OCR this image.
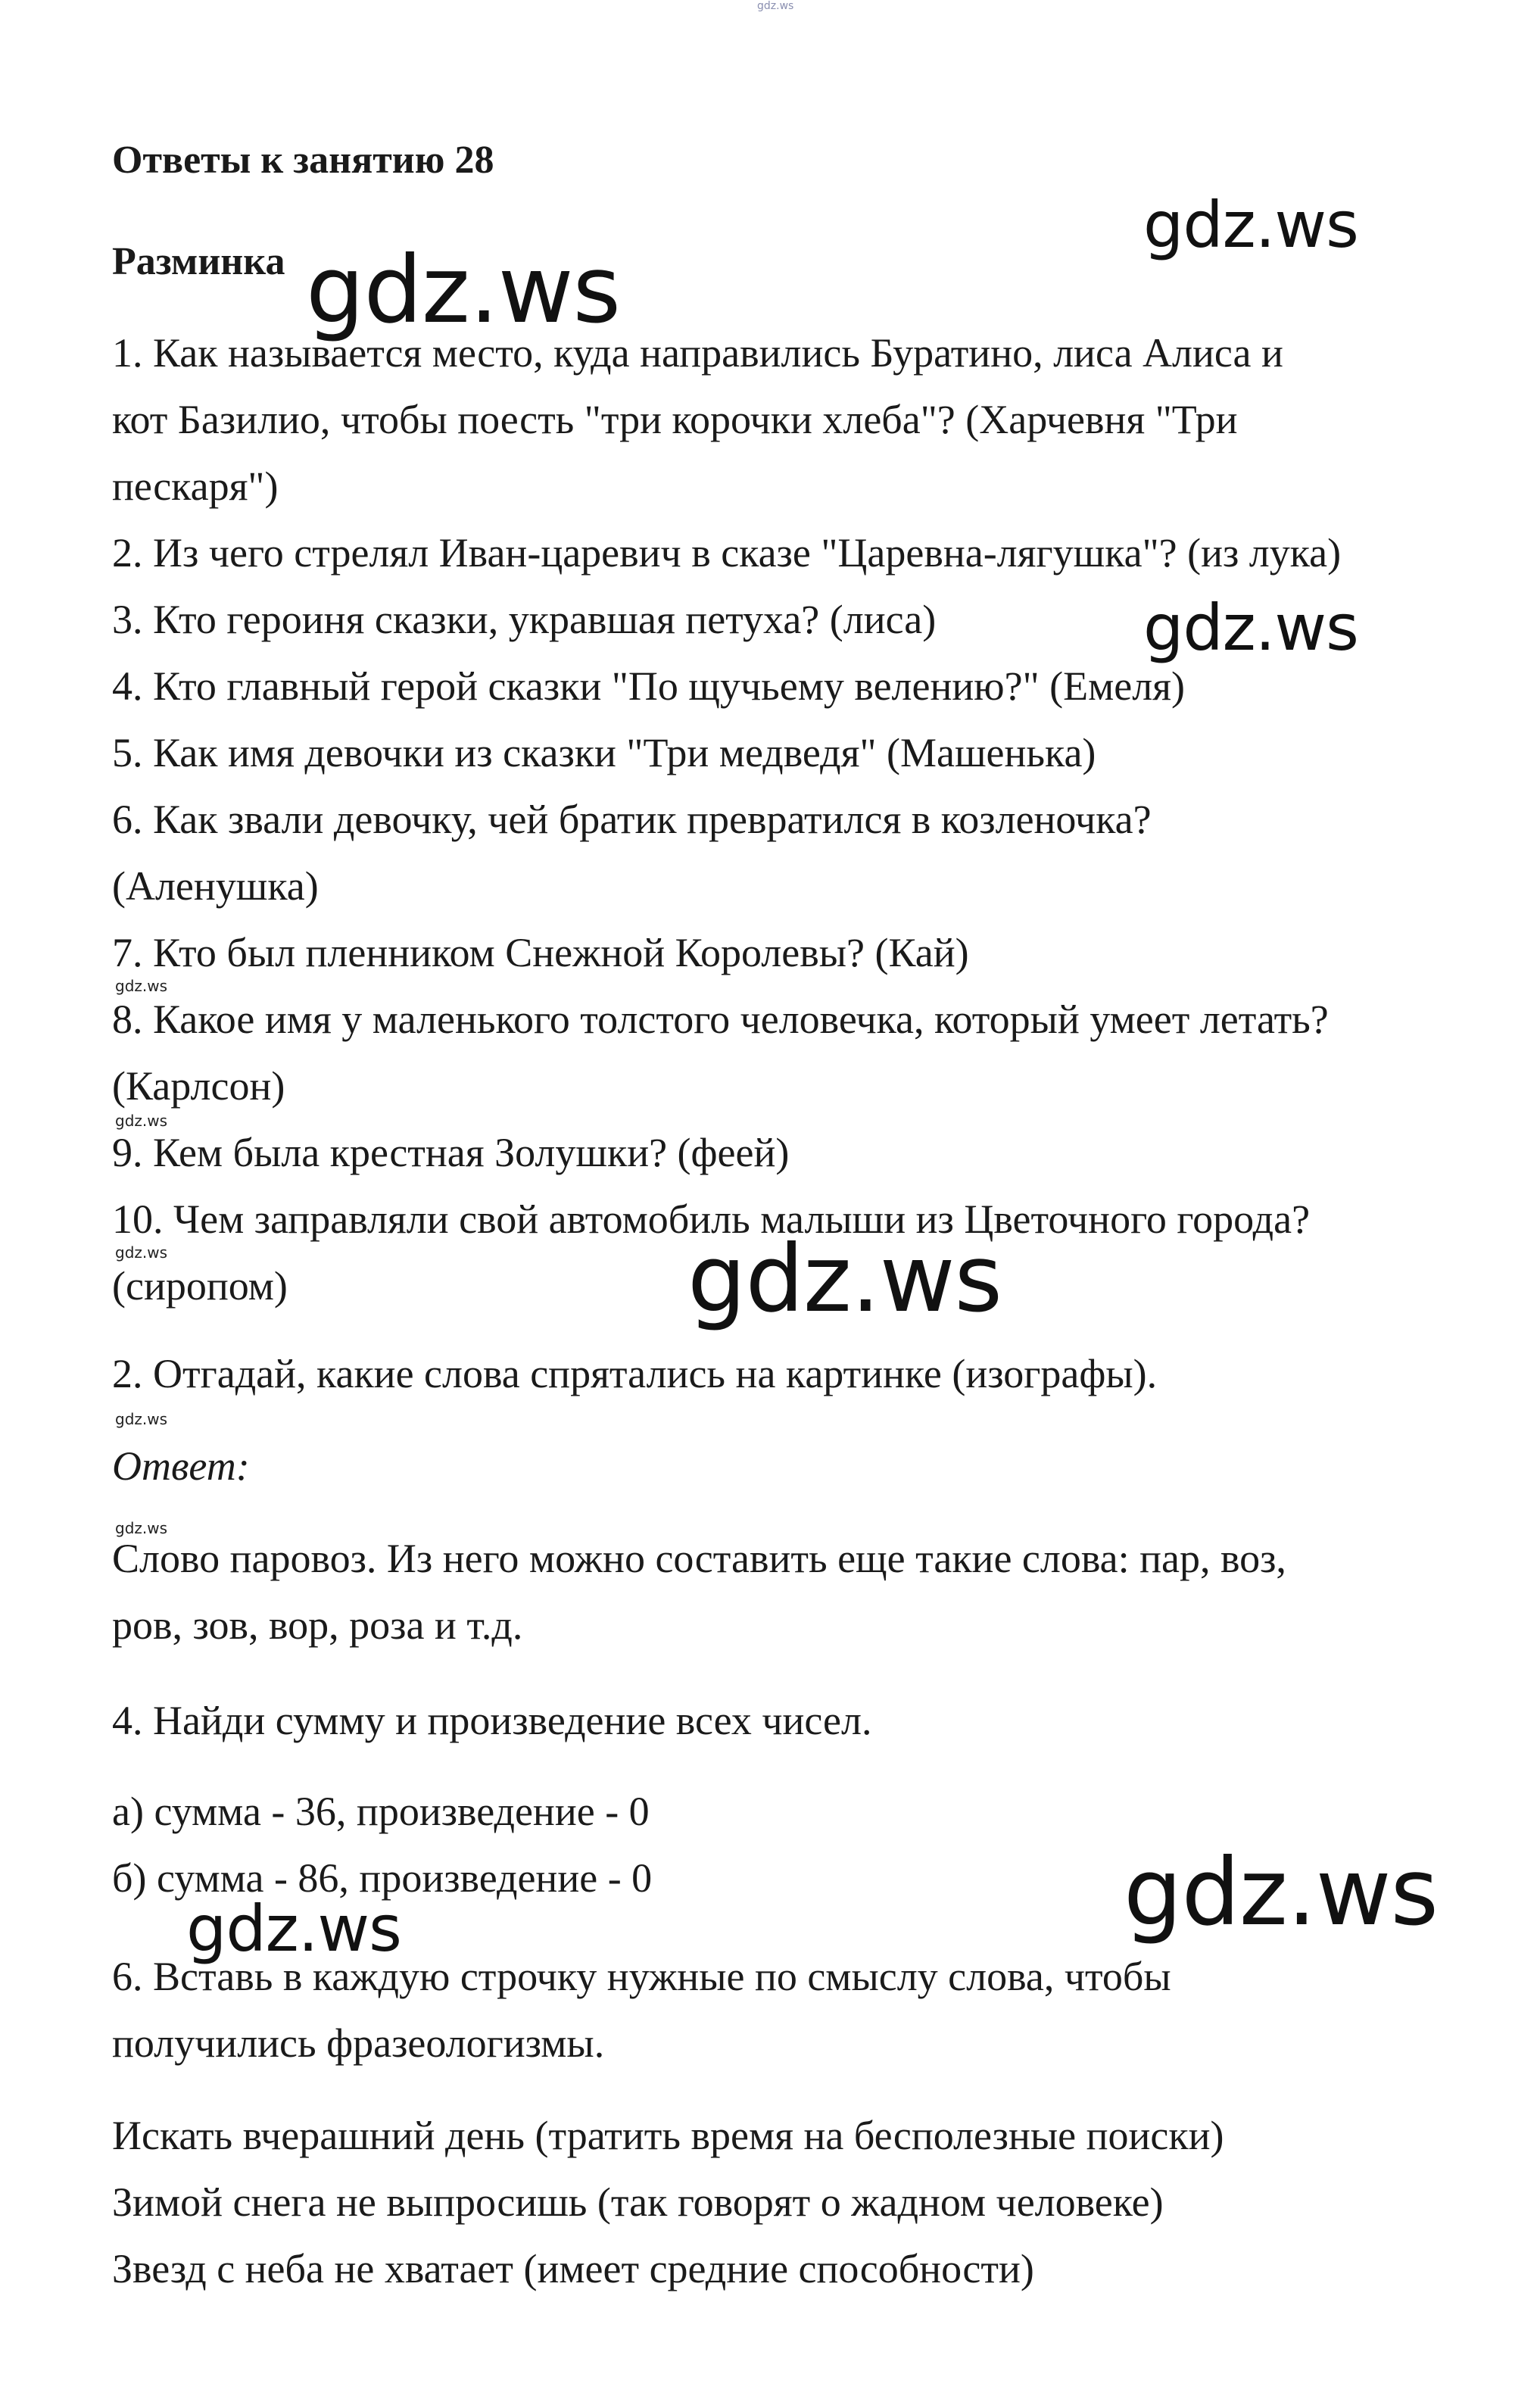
gdz.ws
Ответы к занятию 28
Разминка
1. Как называется место, куда направились Буратино, лиса Алиса и
кот Базилио, чтобы поесть "три корочки хлеба"? (Харчевня "Три
пескаря")
2. Из чего стрелял Иван-царевич в сказе "Царевна-лягушка"? (из лука)
3. Кто героиня сказки, укравшая петуха? (лиса)
4. Кто главный герой сказки "По щучьему велению?" (Емеля)
5. Как имя девочки из сказки "Три медведя" (Машенька)
6. Как звали девочку, чей братик превратился в козленочка?
(Аленушка)
7. Кто был пленником Снежной Королевы? (Кай)
8. Какое имя у маленького толстого человечка, который умеет летать?
(Карлсон)
9. Кем была крестная Золушки? (феей)
10. Чем заправляли свой автомобиль малыши из Цветочного города?
(сиропом)
2. Отгадай, какие слова спрятались на картинке (изографы).
Ответ:
Слово паровоз. Из него можно составить еще такие слова: пар, воз,
ров, зов, вор, роза и т.д.
4. Найди сумму и произведение всех чисел.
а) сумма - 36, произведение - 0
б) сумма - 86, произведение - 0
6. Вставь в каждую строчку нужные по смыслу слова, чтобы
получились фразеологизмы.
Искать вчерашний день (тратить время на бесполезные поиски)
Зимой снега не выпросишь (так говорят о жадном человеке)
Звезд с неба не хватает (имеет средние способности)
gdz.ws
gdz.ws
gdz.ws
gdz.ws
gdz.ws
gdz.ws
gdz.ws
gdz.ws
gdz.ws
gdz.ws
gdz.ws
